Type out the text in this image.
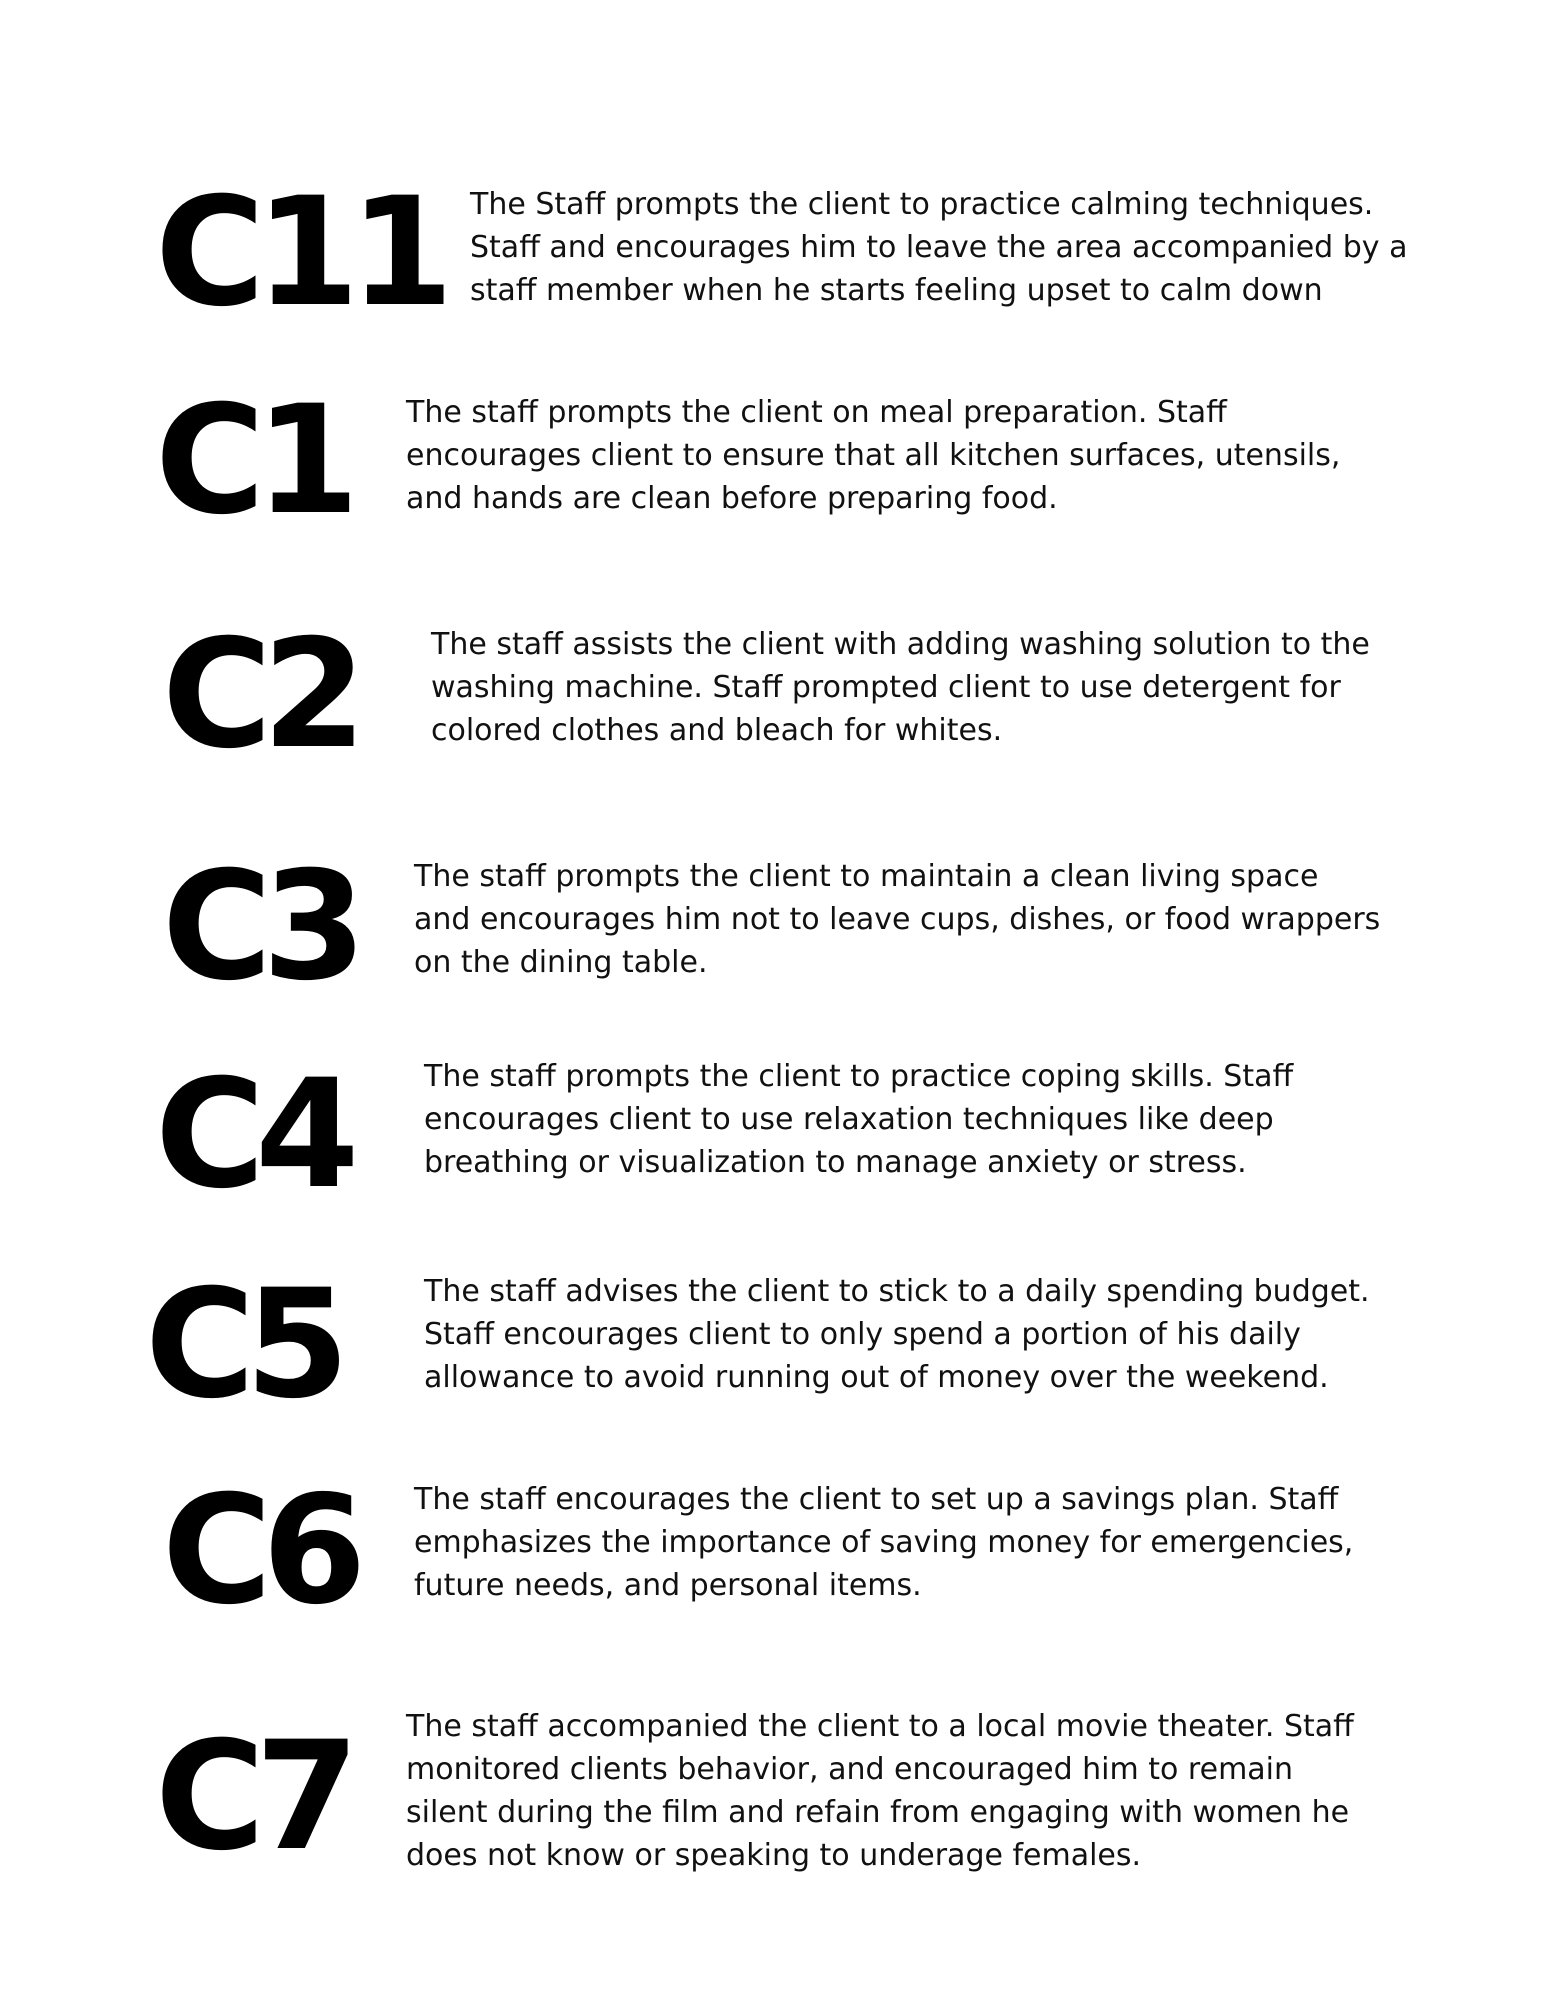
C11 The Staff prompts the client to practice calming techniques.
Staff and encourages him to leave the area accompanied by a
staff member when he starts feeling upset to calm down
C1 The staff prompts the client on meal preparation. Staff
encourages client to ensure that all kitchen surfaces, utensils,
and hands are clean before preparing food.
C2 The staff assists the client with adding washing solution to the
washing machine. Staff prompted client to use detergent for
colored clothes and bleach for whites.
C3 The staff prompts the client to maintain a clean living space
and encourages him not to leave cups, dishes, or food wrappers
on the dining table.
C4 The staff prompts the client to practice coping skills. Staff
encourages client to use relaxation techniques like deep
breathing or visualization to manage anxiety or stress.
C5	The staff advises the client to stick to a daily spending budget.
Staff encourages client to only spend a portion of his daily
allowance to avoid running out of money over the weekend.
C6 The staff encourages the client to set up a savings plan. Staff
emphasizes the importance of saving money for emergencies,
future needs, and personal items.
C7 The staff accompanied the client to a local movie theater. Staff
monitored clients behavior, and encouraged him to remain
silent during the film and refain from engaging with women he
does not know or speaking to underage females.
